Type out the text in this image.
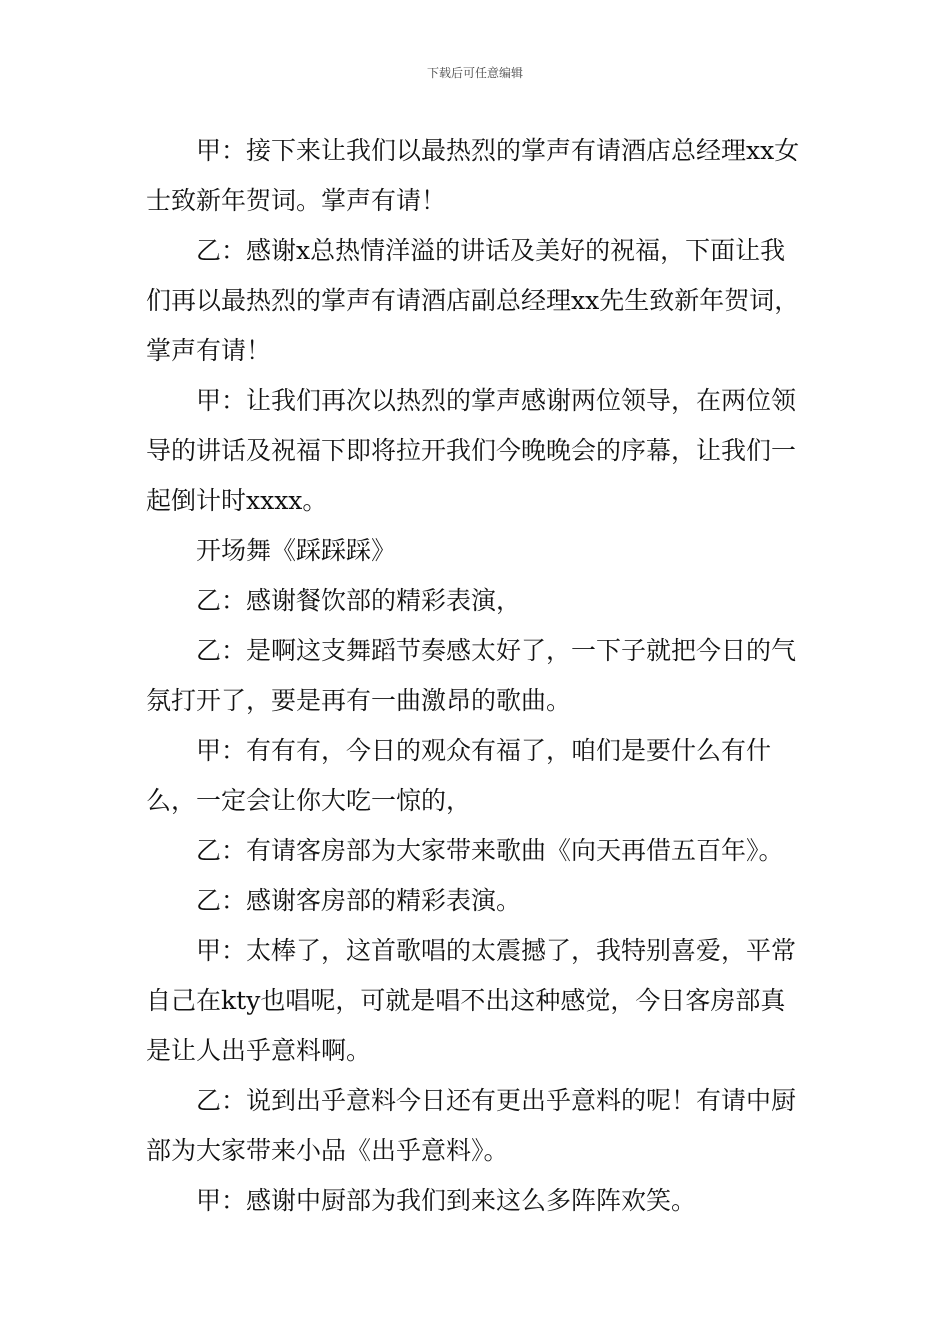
下载后可任意编辑

甲：接下来让我们以最热烈的掌声有请酒店总经理xx女士致新年贺词。掌声有请！

乙：感谢x总热情洋溢的讲话及美好的祝福，下面让我们再以最热烈的掌声有请酒店副总经理xx先生致新年贺词，掌声有请！

甲：让我们再次以热烈的掌声感谢两位领导，在两位领导的讲话及祝福下即将拉开我们今晚晚会的序幕，让我们一起倒计时xxxx。

开场舞《踩踩踩》

乙：感谢餐饮部的精彩表演，

乙：是啊这支舞蹈节奏感太好了，一下子就把今日的气氛打开了，要是再有一曲激昂的歌曲。

甲：有有有，今日的观众有福了，咱们是要什么有什么，一定会让你大吃一惊的，

乙：有请客房部为大家带来歌曲《向天再借五百年》。

乙：感谢客房部的精彩表演。

甲：太棒了，这首歌唱的太震撼了，我特别喜爱，平常自己在kty也唱呢，可就是唱不出这种感觉，今日客房部真是让人出乎意料啊。

乙：说到出乎意料今日还有更出乎意料的呢！有请中厨部为大家带来小品《出乎意料》。

甲：感谢中厨部为我们到来这么多阵阵欢笑。
